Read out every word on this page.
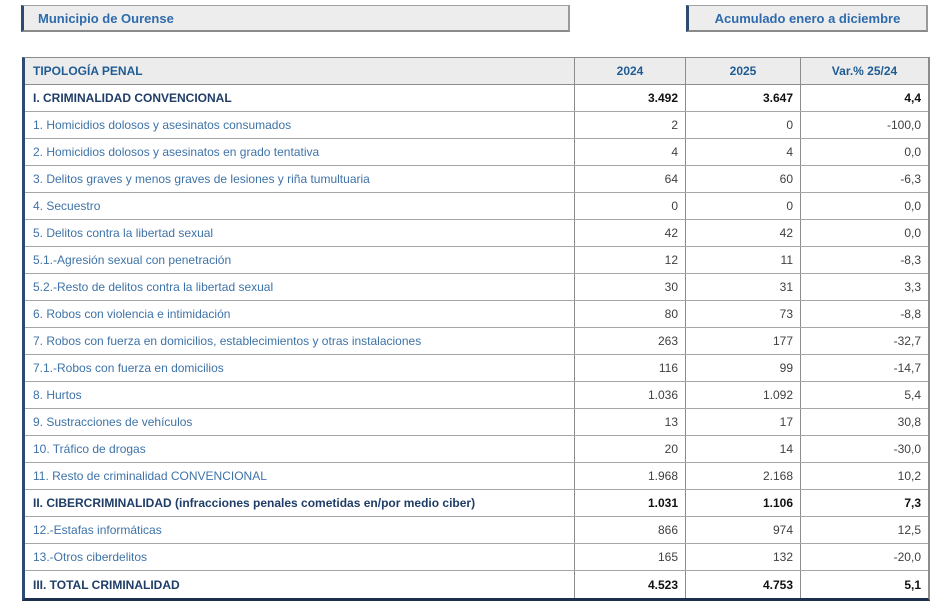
Municipio de Ourense	Acumulado enero a diciembre
TIPOLOGÍA PENAL	2024	2025	Var.% 25/24
I. CRIMINALIDAD CONVENCIONAL	3.492	3.647	4,4
1. Homicidios dolosos y asesinatos consumados	2	0	-100,0
2. Homicidios dolosos y asesinatos en grado tentativa	4	4	0,0
3. Delitos graves y menos graves de lesiones y riña tumultuaria	64	60	-6,3
4. Secuestro	0	0	0,0
5. Delitos contra la libertad sexual	42	42	0,0
5.1.-Agresión sexual con penetración	12	11	-8,3
5.2.-Resto de delitos contra la libertad sexual	30	31	3,3
6. Robos con violencia e intimidación	80	73	-8,8
7. Robos con fuerza en domicilios, establecimientos y otras instalaciones	263	177	-32,7
7.1.-Robos con fuerza en domicilios	116	99	-14,7
8. Hurtos	1.036	1.092	5,4
9. Sustracciones de vehículos	13	17	30,8
10. Tráfico de drogas	20	14	-30,0
11. Resto de criminalidad CONVENCIONAL	1.968	2.168	10,2
II. CIBERCRIMINALIDAD (infracciones penales cometidas en/por medio ciber)	1.031	1.106	7,3
12.-Estafas informáticas	866	974	12,5
13.-Otros ciberdelitos	165	132	-20,0
III. TOTAL CRIMINALIDAD	4.523	4.753	5,1
